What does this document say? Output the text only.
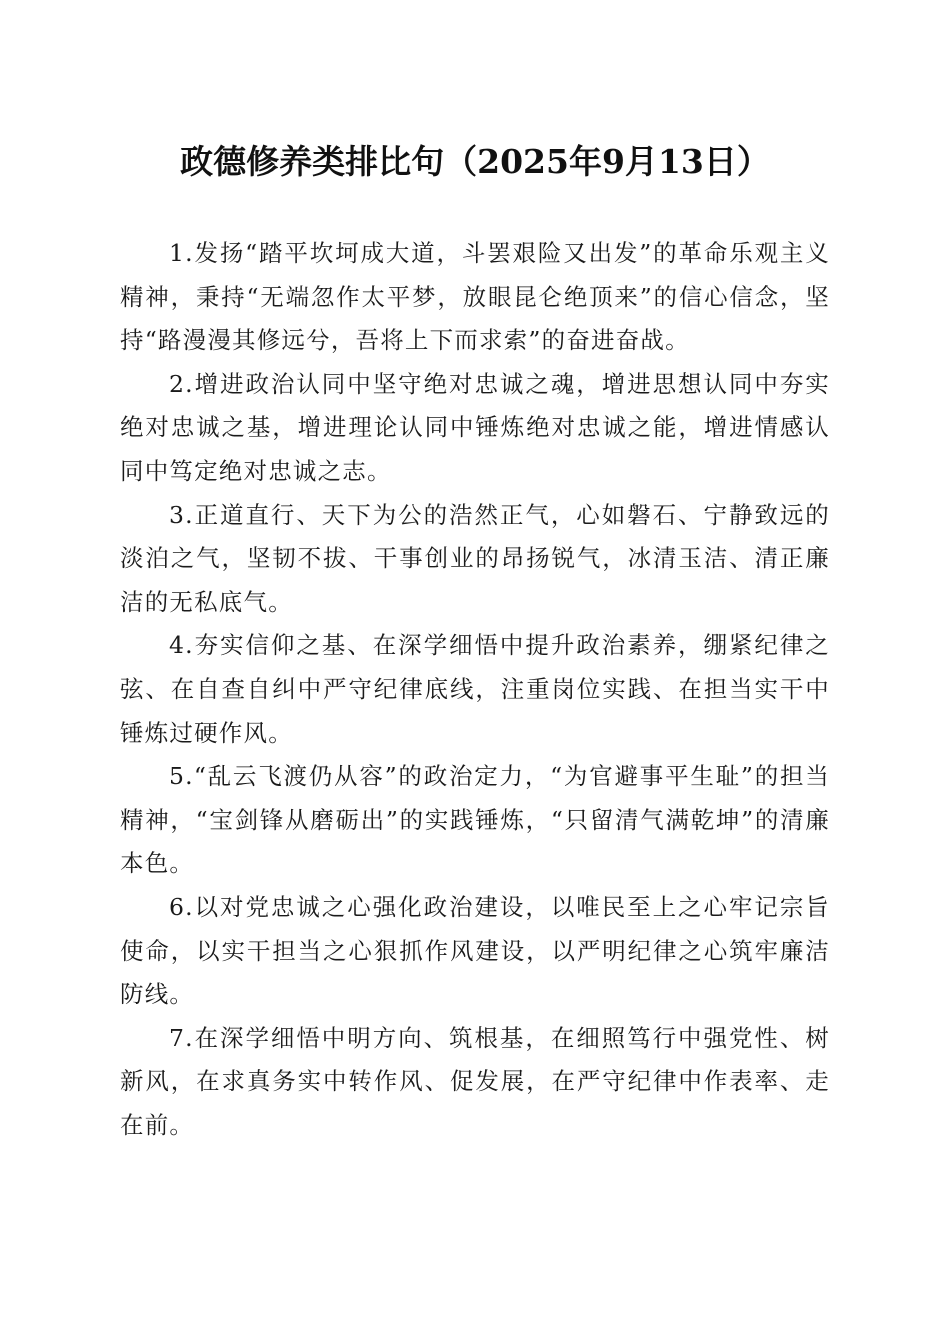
政德修养类排比句（2025年9月13日）

1.发扬“踏平坎坷成大道，斗罢艰险又出发”的革命乐观主义精神，秉持“无端忽作太平梦，放眼昆仑绝顶来”的信心信念，坚持“路漫漫其修远兮，吾将上下而求索”的奋进奋战。

2.增进政治认同中坚守绝对忠诚之魂，增进思想认同中夯实绝对忠诚之基，增进理论认同中锤炼绝对忠诚之能，增进情感认同中笃定绝对忠诚之志。

3.正道直行、天下为公的浩然正气，心如磐石、宁静致远的淡泊之气，坚韧不拔、干事创业的昂扬锐气，冰清玉洁、清正廉洁的无私底气。

4.夯实信仰之基、在深学细悟中提升政治素养，绷紧纪律之弦、在自查自纠中严守纪律底线，注重岗位实践、在担当实干中锤炼过硬作风。

5.“乱云飞渡仍从容”的政治定力，“为官避事平生耻”的担当精神，“宝剑锋从磨砺出”的实践锤炼，“只留清气满乾坤”的清廉本色。

6.以对党忠诚之心强化政治建设，以唯民至上之心牢记宗旨使命，以实干担当之心狠抓作风建设，以严明纪律之心筑牢廉洁防线。

7.在深学细悟中明方向、筑根基，在细照笃行中强党性、树新风，在求真务实中转作风、促发展，在严守纪律中作表率、走在前。
